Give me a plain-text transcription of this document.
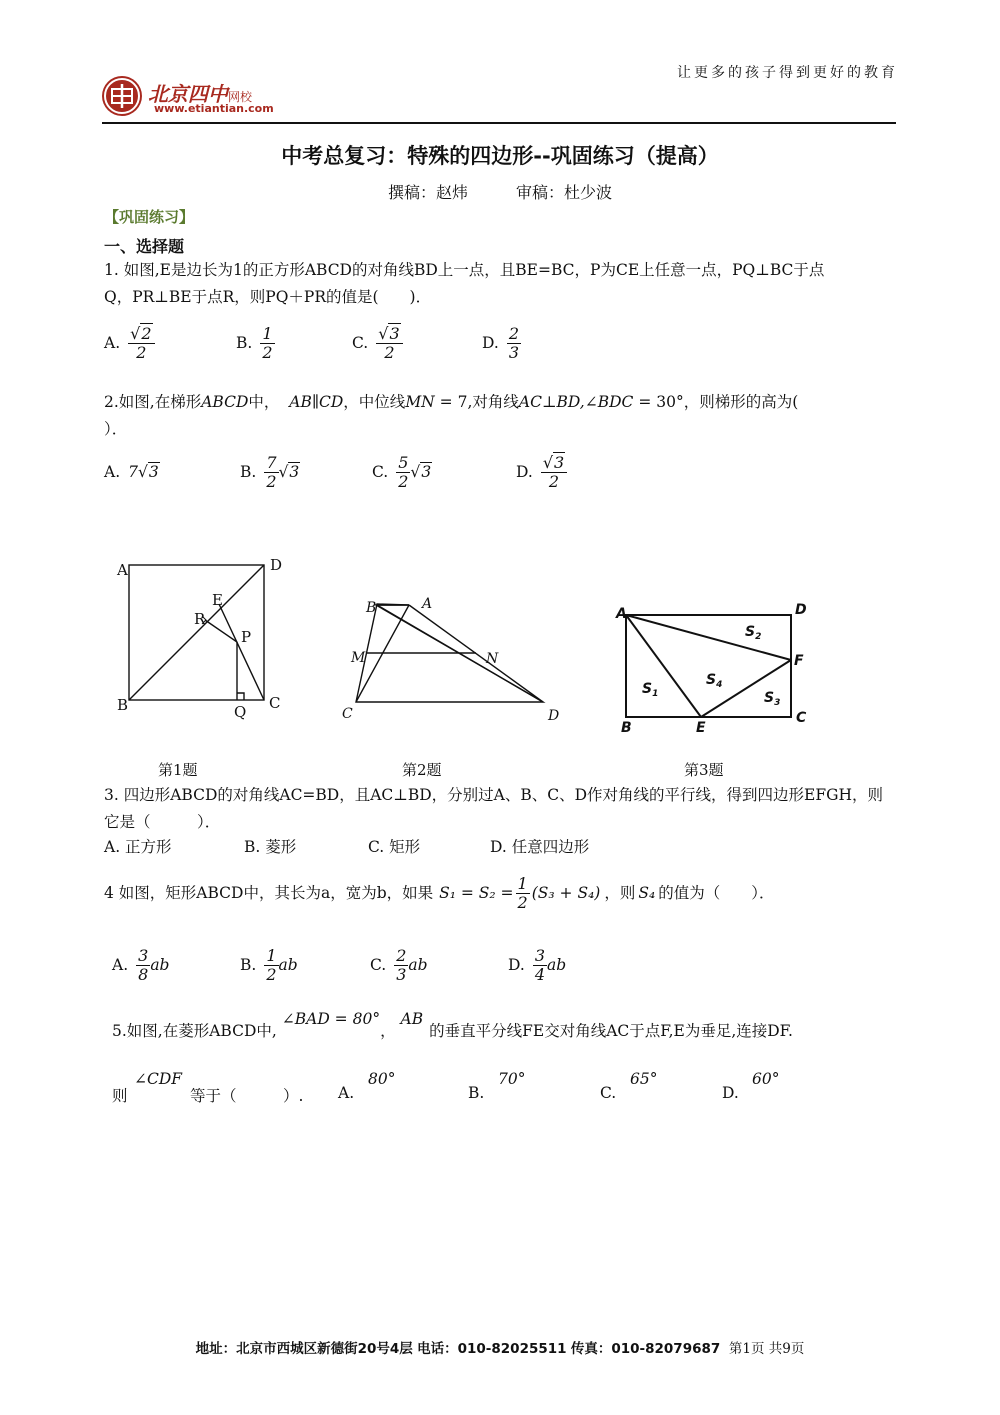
让更多的孩子得到更好的教育
北京四中网校
www.etiantian.com
中考总复习：特殊的四边形--巩固练习（提高）
撰稿：赵炜　　　审稿：杜少波
【巩固练习】
一、选择题
1. 如图,E是边长为1的正方形ABCD的对角线BD上一点，且BE=BC，P为CE上任意一点，PQ⊥BC于点
Q，PR⊥BE于点R，则PQ＋PR的值是(　　)．
A. $\frac{√2}{2}$	B. $\frac{1}{2}$	C. $\frac{√3}{2}$	D. $\frac{2}{3}$
2.如图,在梯形ABCD中， AB∥CD，中位线MN = 7,对角线AC⊥BD,∠BDC = 30°，则梯形的高为(
）．
A. 7√3	B. $\frac{7}{2} √3$	C. $\frac{5}{2} √3$	D. $\frac{√3}{2}$
A	D
B	C
E
P
Q
R
B	A
M	N
C	D
A	D
B
C
E
F
$S_1$
$S_2$
$S_3$
$S_4$
第1题	第2题	第3题
3. 四边形ABCD的对角线AC=BD，且AC⊥BD，分别过A、B、C、D作对角线的平行线，得到四边形EFGH，则
它是（　　　）．
A. 正方形	B. 菱形	C. 矩形	D. 任意四边形
4 如图，矩形ABCD中，其长为a，宽为b，如果 $S_1 = S_2 = \frac{1}{2} (S_3 + S_4)$ ，则 S₄ 的值为（　　）．
A. $\frac{3}{8}$ ab	B. $\frac{1}{2}$ ab	C. $\frac{2}{3}$ ab	D. $\frac{3}{4}$ ab
5.如图,在菱形ABCD中, ∠BAD = 80°， AB的垂直平分线FE交对角线AC于点F,E为垂足,连接DF.
则
∠CDF
等于（　　　）. A.
80°
B.
70°
C.
65°
D.
60°
地址：北京市西城区新德街20号4层 电话：010-82025511 传真：010-82079687 第1页 共9页
